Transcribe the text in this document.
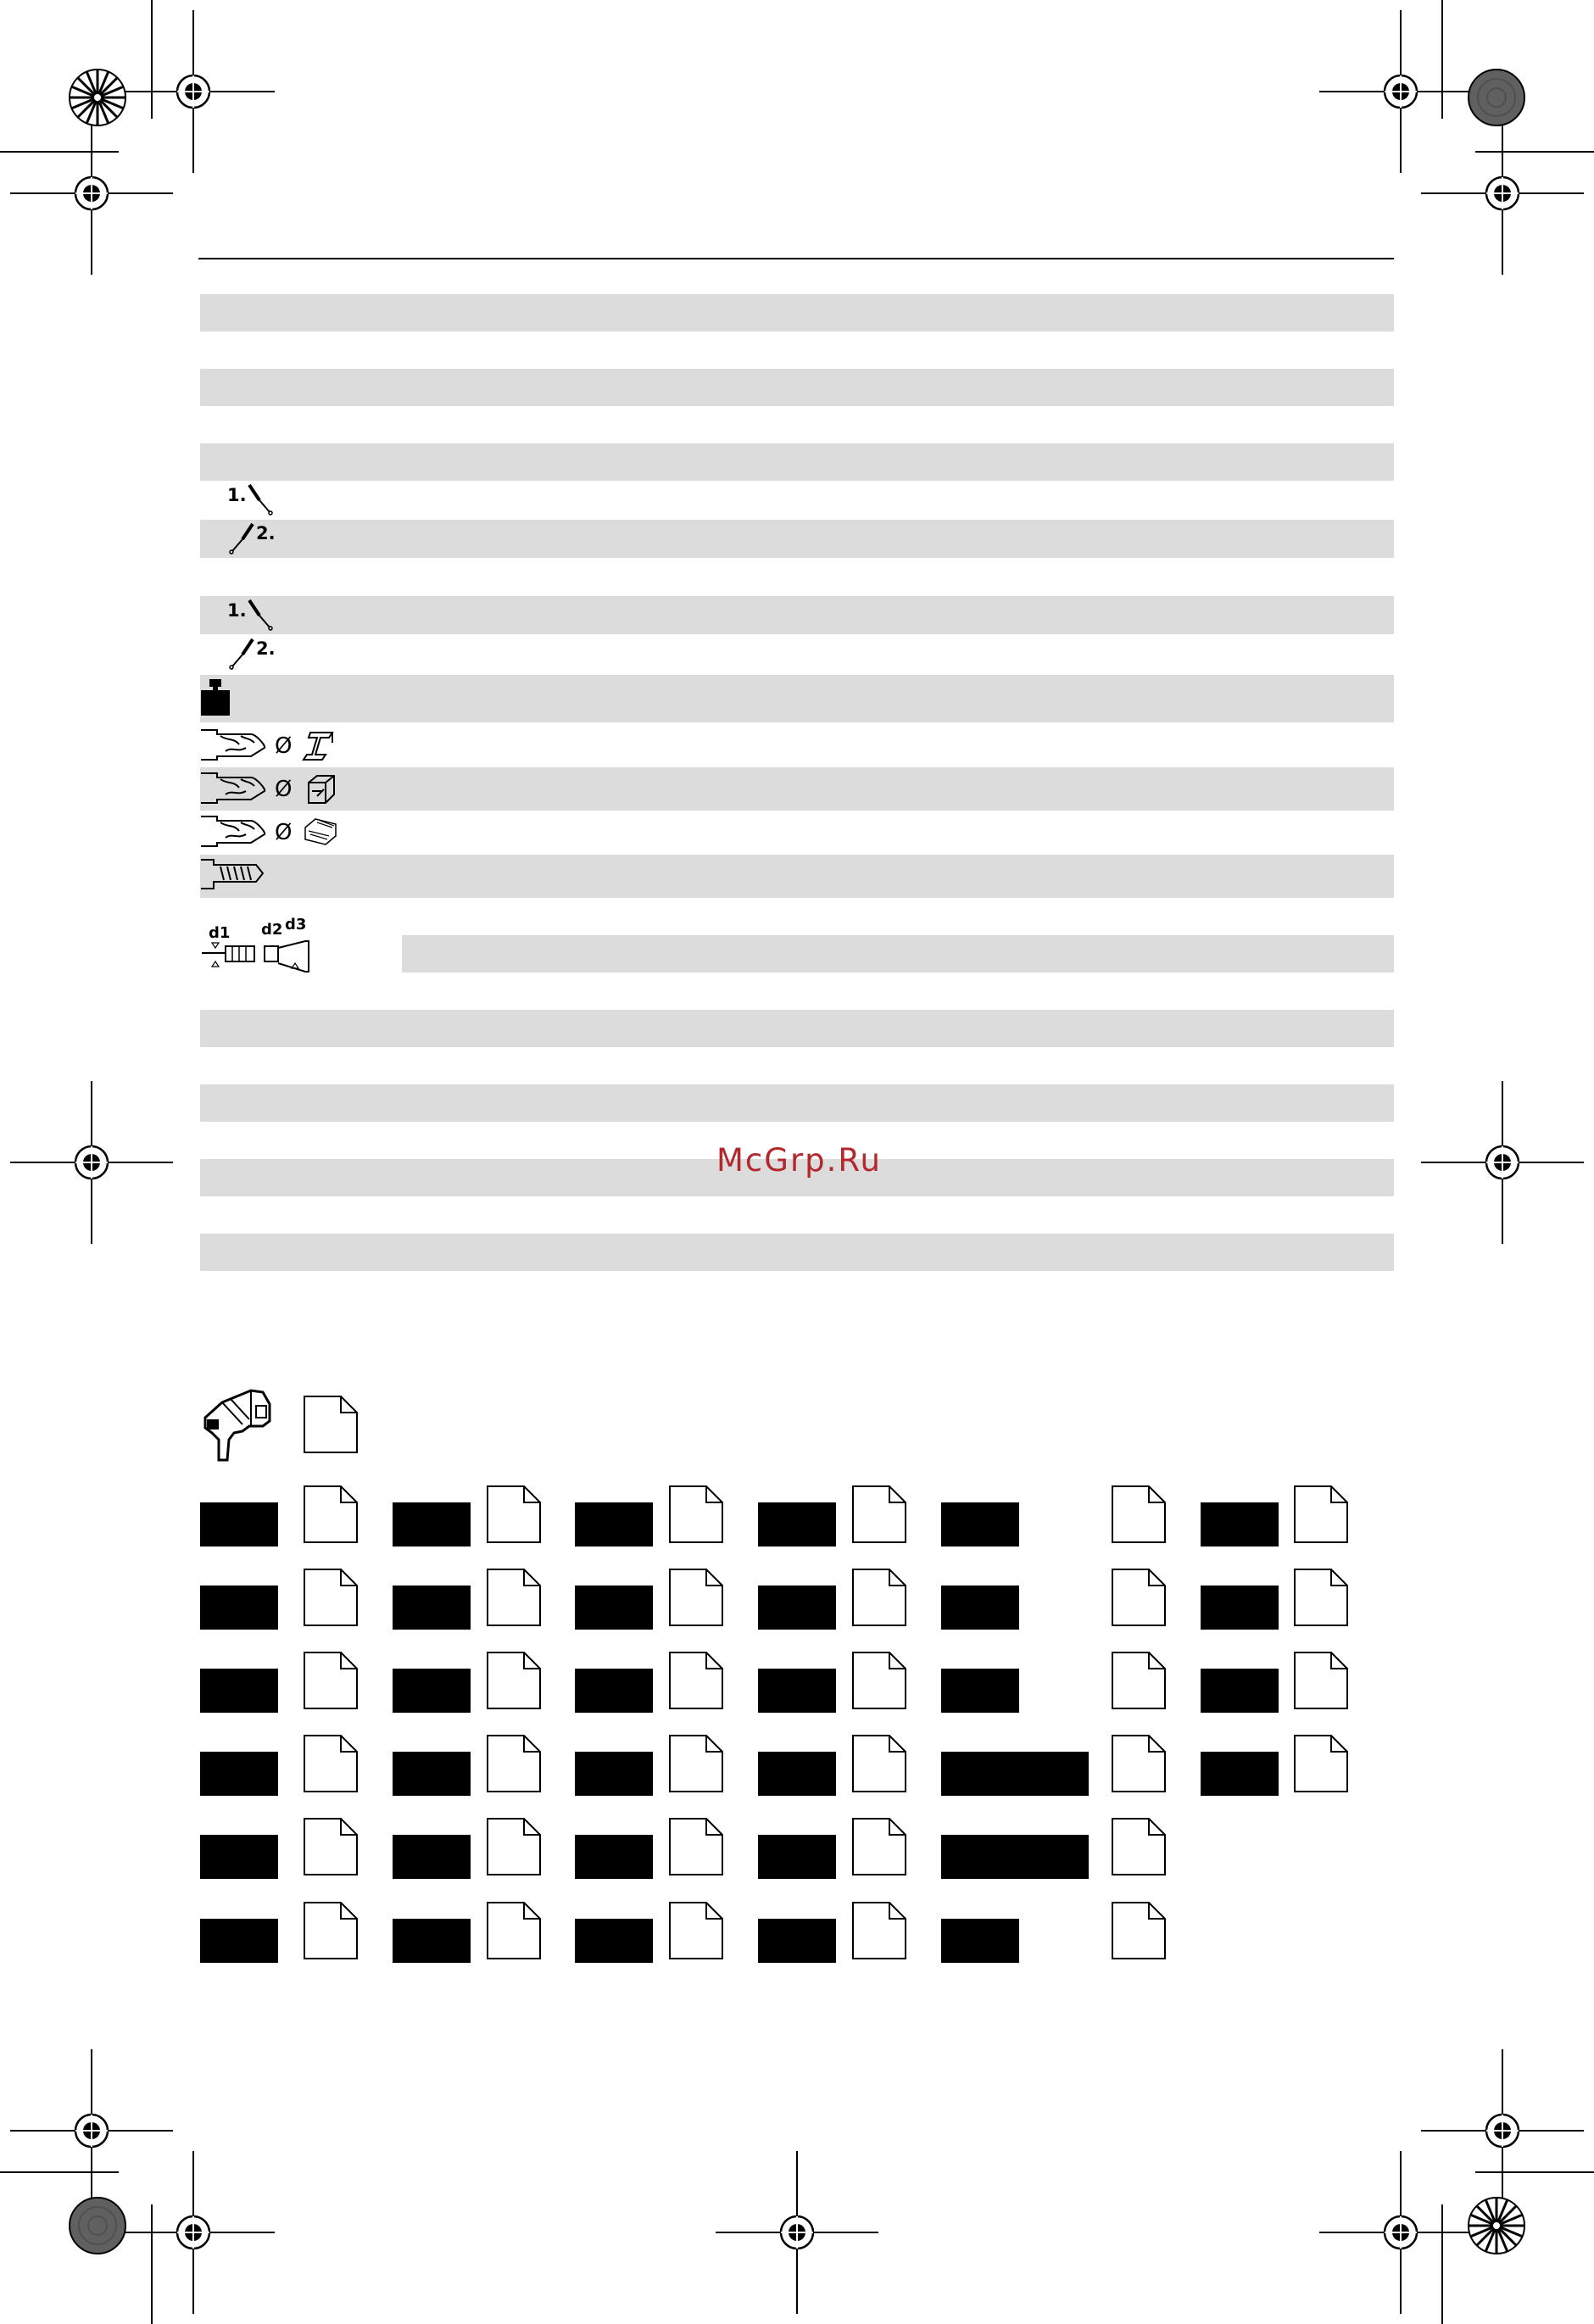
1.
2.
1.
2.
Ø
Ø
Ø
d1 d2 d3
McGrp.Ru
